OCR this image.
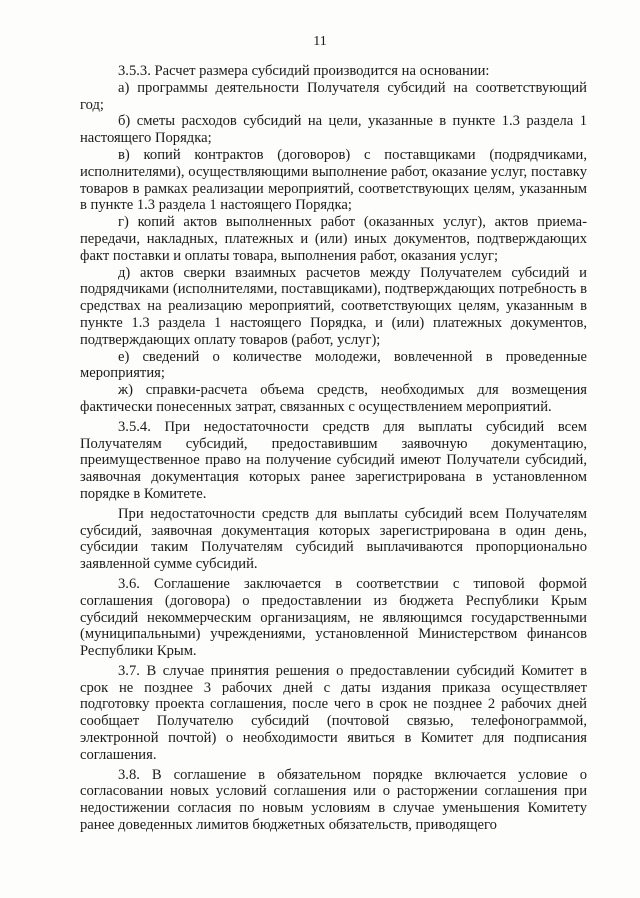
11

3.5.3. Расчет размера субсидий производится на основании:

а) программы деятельности Получателя субсидий на соответствующий год;

б) сметы расходов субсидий на цели, указанные в пункте 1.3 раздела 1 настоящего Порядка;

в) копий контрактов (договоров) с поставщиками (подрядчиками, исполнителями), осуществляющими выполнение работ, оказание услуг, поставку товаров в рамках реализации мероприятий, соответствующих целям, указанным в пункте 1.3 раздела 1 настоящего Порядка;

г) копий актов выполненных работ (оказанных услуг), актов приема-передачи, накладных, платежных и (или) иных документов, подтверждающих факт поставки и оплаты товара, выполнения работ, оказания услуг;

д) актов сверки взаимных расчетов между Получателем субсидий и подрядчиками (исполнителями, поставщиками), подтверждающих потребность в средствах на реализацию мероприятий, соответствующих целям, указанным в пункте 1.3 раздела 1 настоящего Порядка, и (или) платежных документов, подтверждающих оплату товаров (работ, услуг);

е) сведений о количестве молодежи, вовлеченной в проведенные мероприятия;

ж) справки-расчета объема средств, необходимых для возмещения фактически понесенных затрат, связанных с осуществлением мероприятий.

3.5.4. При недостаточности средств для выплаты субсидий всем Получателям субсидий, предоставившим заявочную документацию, преимущественное право на получение субсидий имеют Получатели субсидий, заявочная документация которых ранее зарегистрирована в установленном порядке в Комитете.

При недостаточности средств для выплаты субсидий всем Получателям субсидий, заявочная документация которых зарегистрирована в один день, субсидии таким Получателям субсидий выплачиваются пропорционально заявленной сумме субсидий.

3.6. Соглашение заключается в соответствии с типовой формой соглашения (договора) о предоставлении из бюджета Республики Крым субсидий некоммерческим организациям, не являющимся государственными (муниципальными) учреждениями, установленной Министерством финансов Республики Крым.

3.7. В случае принятия решения о предоставлении субсидий Комитет в срок не позднее 3 рабочих дней с даты издания приказа осуществляет подготовку проекта соглашения, после чего в срок не позднее 2 рабочих дней сообщает Получателю субсидий (почтовой связью, телефонограммой, электронной почтой) о необходимости явиться в Комитет для подписания соглашения.

3.8. В соглашение в обязательном порядке включается условие о согласовании новых условий соглашения или о расторжении соглашения при недостижении согласия по новым условиям в случае уменьшения Комитету ранее доведенных лимитов бюджетных обязательств, приводящего
